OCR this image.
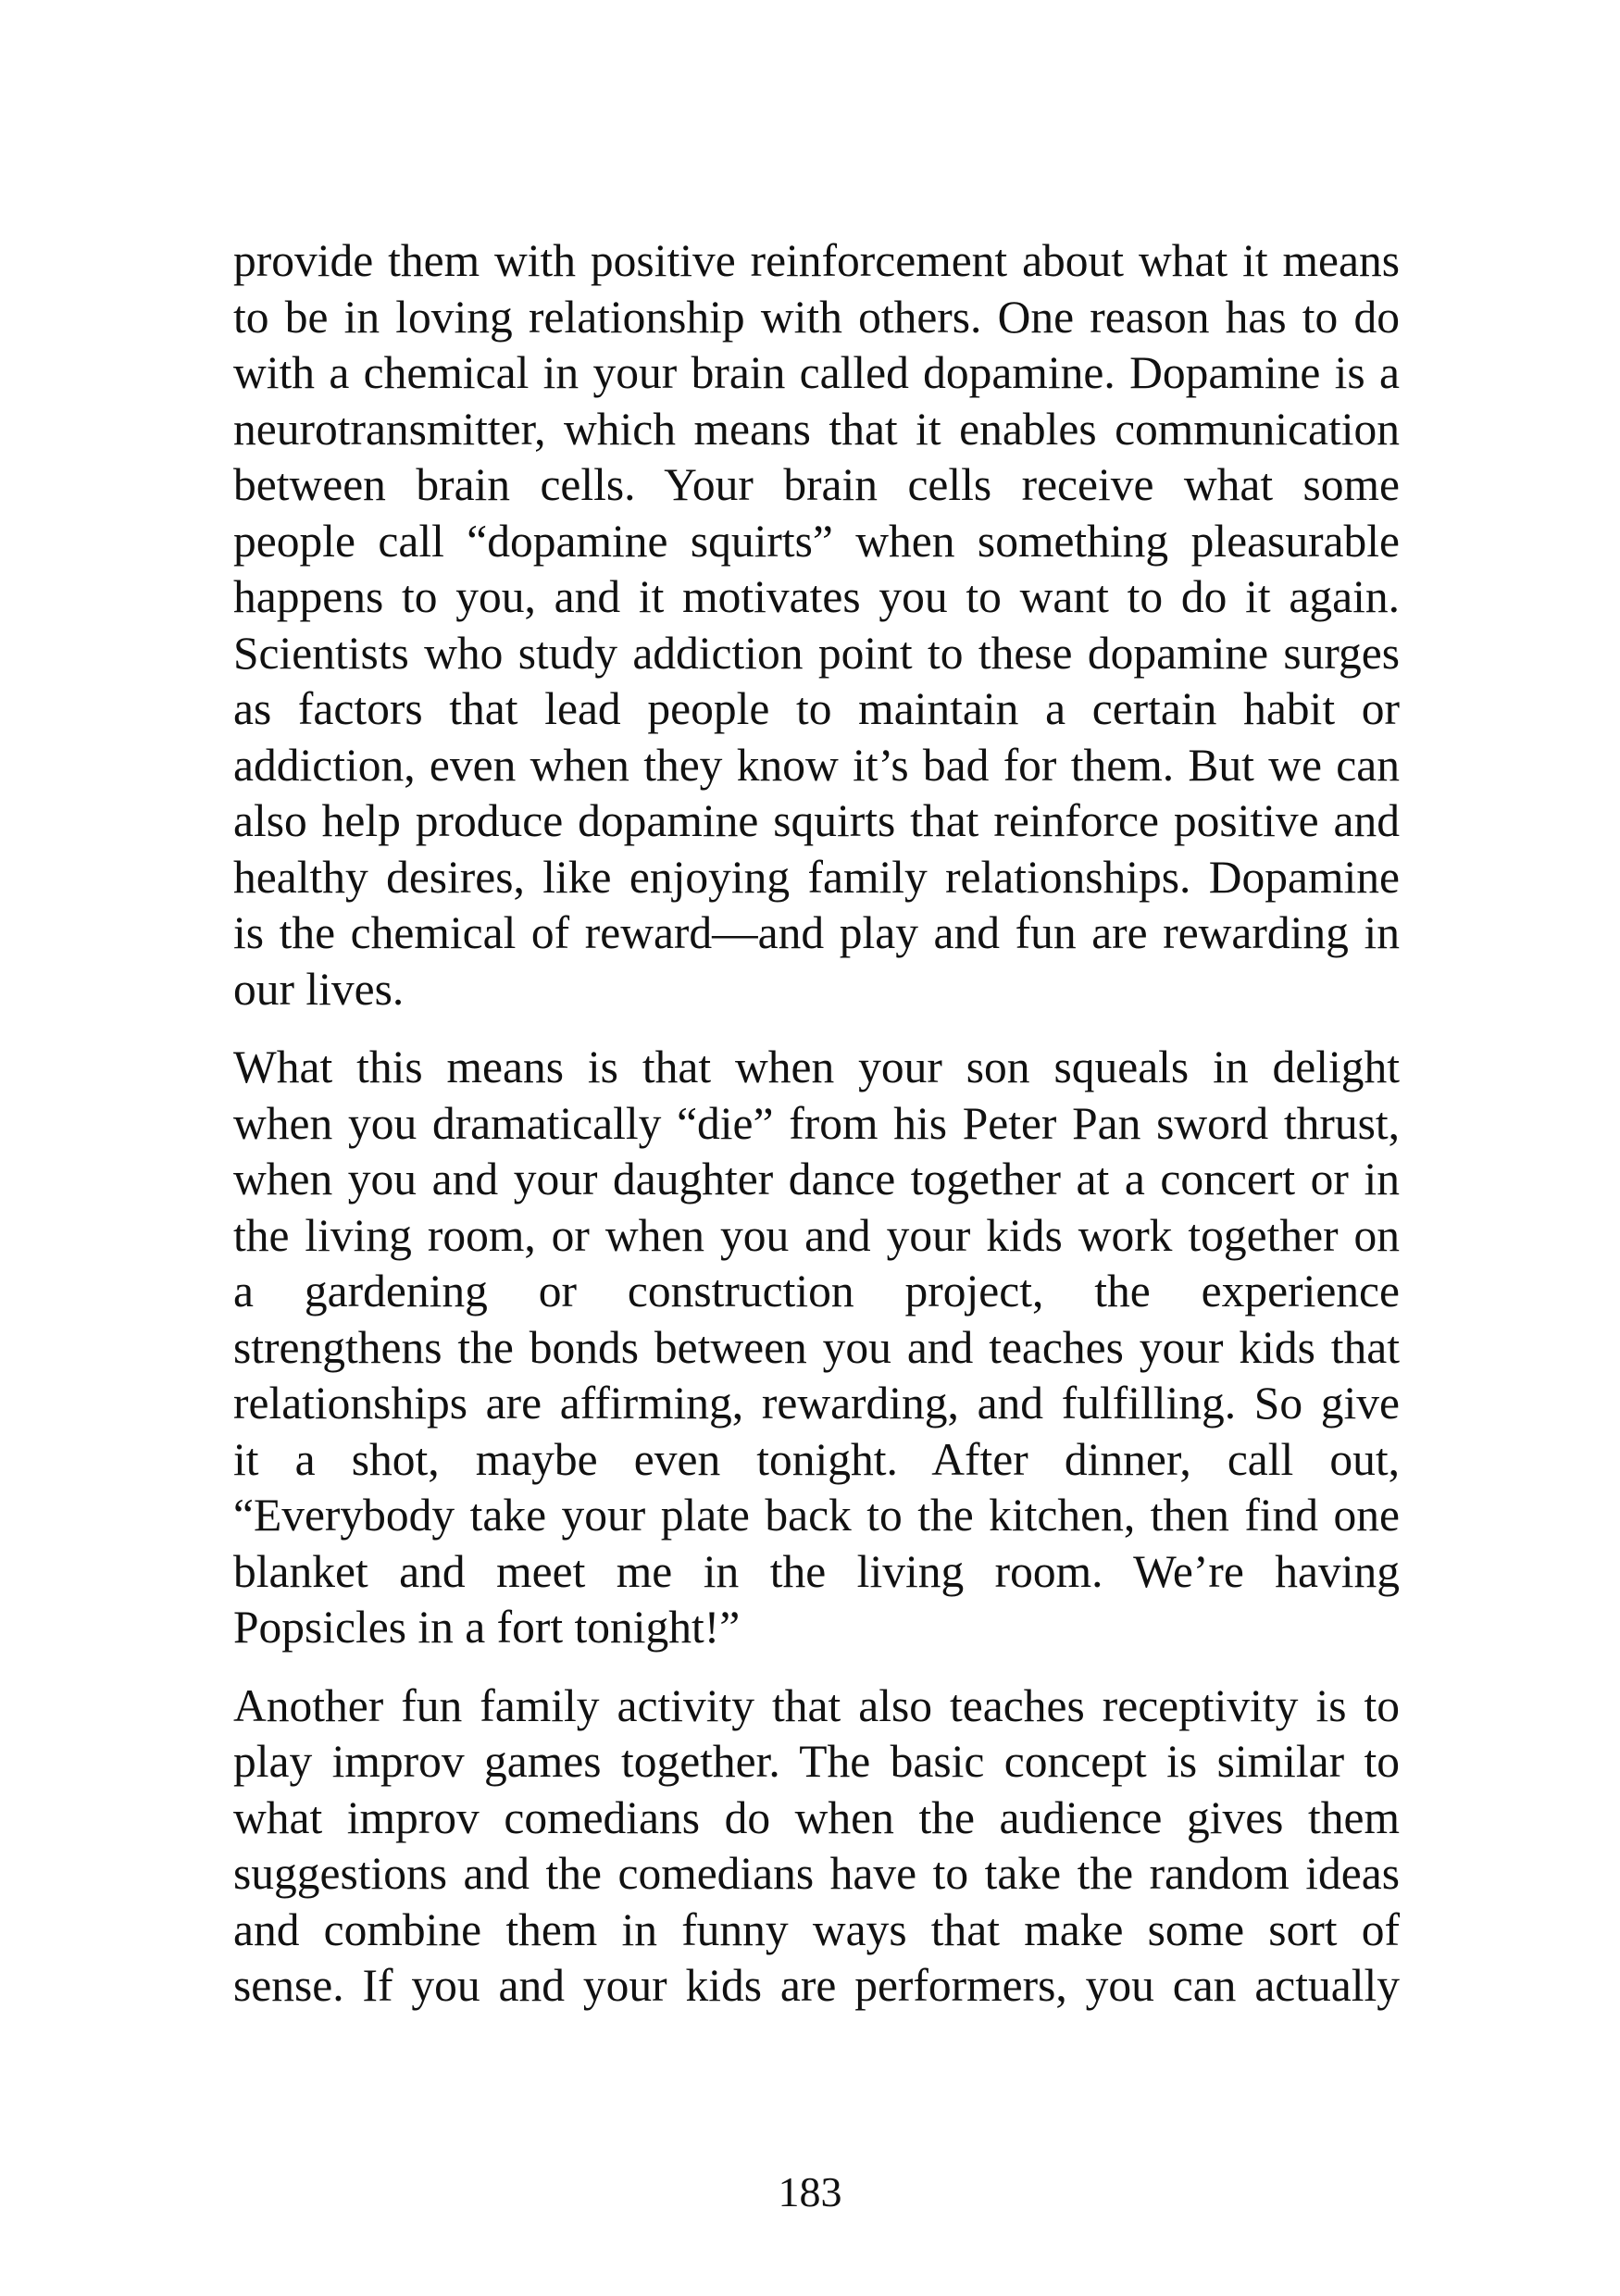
provide them with positive reinforcement about what it means
to be in loving relationship with others. One reason has to do
with a chemical in your brain called dopamine. Dopamine is a
neurotransmitter, which means that it enables communication
between brain cells. Your brain cells receive what some
people call “dopamine squirts” when something pleasurable
happens to you, and it motivates you to want to do it again.
Scientists who study addiction point to these dopamine surges
as factors that lead people to maintain a certain habit or
addiction, even when they know it’s bad for them. But we can
also help produce dopamine squirts that reinforce positive and
healthy desires, like enjoying family relationships. Dopamine
is the chemical of reward—and play and fun are rewarding in
our lives.
What this means is that when your son squeals in delight
when you dramatically “die” from his Peter Pan sword thrust,
when you and your daughter dance together at a concert or in
the living room, or when you and your kids work together on
a gardening or construction project, the experience
strengthens the bonds between you and teaches your kids that
relationships are affirming, rewarding, and fulfilling. So give
it a shot, maybe even tonight. After dinner, call out,
“Everybody take your plate back to the kitchen, then find one
blanket and meet me in the living room. We’re having
Popsicles in a fort tonight!”
Another fun family activity that also teaches receptivity is to
play improv games together. The basic concept is similar to
what improv comedians do when the audience gives them
suggestions and the comedians have to take the random ideas
and combine them in funny ways that make some sort of
sense. If you and your kids are performers, you can actually
183
